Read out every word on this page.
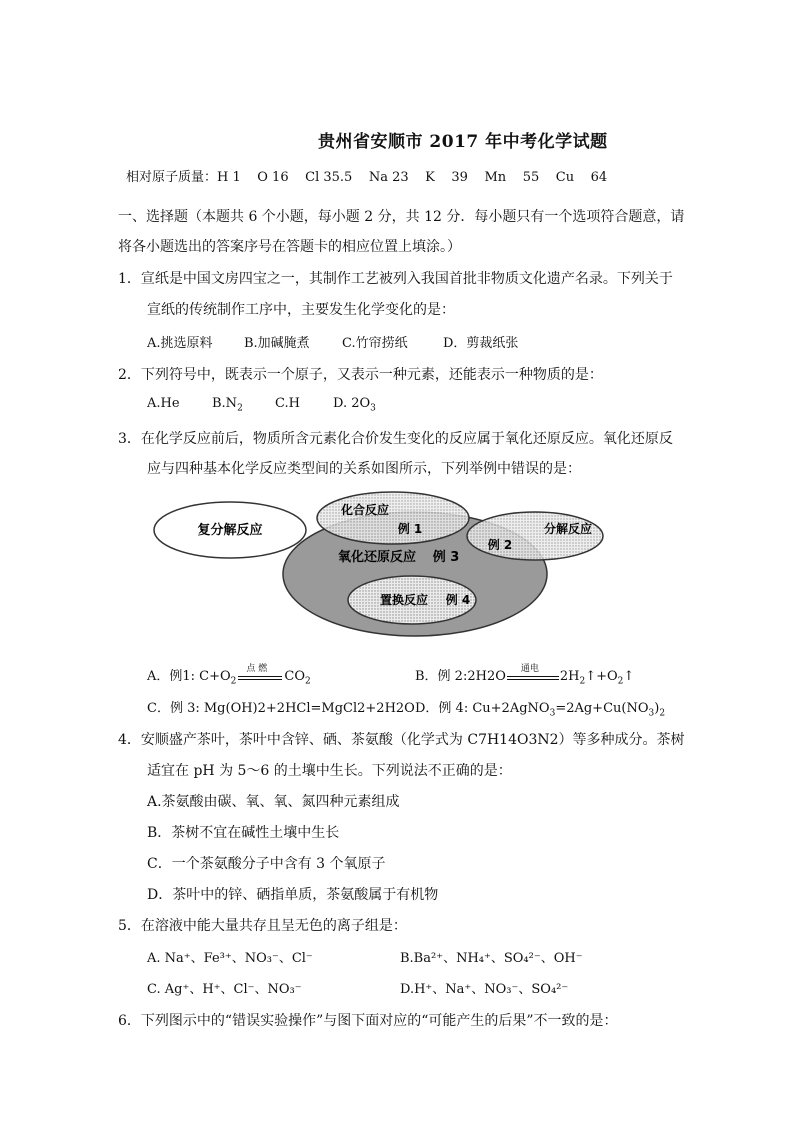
贵州省安顺市 2017 年中考化学试题
相对原子质量：H 1    O 16    Cl 35.5    Na 23    K    39    Mn    55    Cu    64
一、选择题（本题共 6 个小题，每小题 2 分，共 12 分．每小题只有一个选项符合题意，请
将各小题选出的答案序号在答题卡的相应位置上填涂。）
1．宣纸是中国文房四宝之一，其制作工艺被列入我国首批非物质文化遗产名录。下列关于
宣纸的传统制作工序中，主要发生化学变化的是：
A.挑选原料 B.加碱腌煮 C.竹帘捞纸	D．剪裁纸张
2．下列符号中，既表示一个原子，又表示一种元素，还能表示一种物质的是：
A.He $B.N_2$ C.H	D. $2O_3$
3．在化学反应前后，物质所含元素化合价发生变化的反应属于氧化还原反应。氧化还原反
应与四种基本化学反应类型间的关系如图所示，下列举例中错误的是：
复分解反应
化合反应
例 1	分解反应
例 2
氧化还原反应 例 3
置换反应 例 4
A．例1: $C+O_2$
点 燃
$CO_2$	B．例 2:2H2O
通电
$2H_2↑+O_2↑$
C．例 3: Mg(OH)2+2HCl=MgCl2+2H2O D．例 4: $Cu+2AgNO_3=2Ag+Cu(NO_3)_2$
4．安顺盛产茶叶，茶叶中含锌、硒、茶氨酸（化学式为 C7H14O3N2）等多种成分。茶树
适宜在 pH 为 5～6 的土壤中生长。下列说法不正确的是：
A.茶氨酸由碳、氧、氧、氮四种元素组成
B．茶树不宜在碱性土壤中生长
C．一个茶氨酸分子中含有 3 个氧原子
D．茶叶中的锌、硒指单质，茶氨酸属于有机物
5．在溶液中能大量共存且呈无色的离子组是：
A. Na⁺、Fe³⁺、NO₃⁻、Cl⁻	B.Ba²⁺、NH₄⁺、SO₄²⁻、OH⁻
C. Ag⁺、H⁺、Cl⁻、NO₃⁻	D.H⁺、Na⁺、NO₃⁻、SO₄²⁻
6．下列图示中的“错误实验操作”与图下面对应的“可能产生的后果”不一致的是：
